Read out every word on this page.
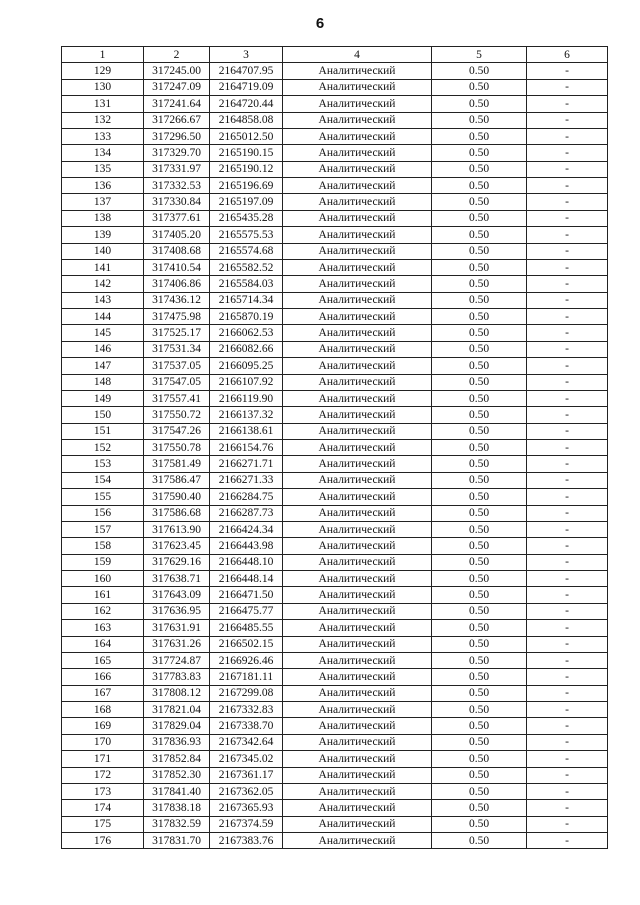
6
1	2	3	4	5	6
129	317245.00	2164707.95	Аналитический	0.50	-
130	317247.09	2164719.09	Аналитический	0.50	-
131	317241.64	2164720.44	Аналитический	0.50	-
132	317266.67	2164858.08	Аналитический	0.50	-
133	317296.50	2165012.50	Аналитический	0.50	-
134	317329.70	2165190.15	Аналитический	0.50	-
135	317331.97	2165190.12	Аналитический	0.50	-
136	317332.53	2165196.69	Аналитический	0.50	-
137	317330.84	2165197.09	Аналитический	0.50	-
138	317377.61	2165435.28	Аналитический	0.50	-
139	317405.20	2165575.53	Аналитический	0.50	-
140	317408.68	2165574.68	Аналитический	0.50	-
141	317410.54	2165582.52	Аналитический	0.50	-
142	317406.86	2165584.03	Аналитический	0.50	-
143	317436.12	2165714.34	Аналитический	0.50	-
144	317475.98	2165870.19	Аналитический	0.50	-
145	317525.17	2166062.53	Аналитический	0.50	-
146	317531.34	2166082.66	Аналитический	0.50	-
147	317537.05	2166095.25	Аналитический	0.50	-
148	317547.05	2166107.92	Аналитический	0.50	-
149	317557.41	2166119.90	Аналитический	0.50	-
150	317550.72	2166137.32	Аналитический	0.50	-
151	317547.26	2166138.61	Аналитический	0.50	-
152	317550.78	2166154.76	Аналитический	0.50	-
153	317581.49	2166271.71	Аналитический	0.50	-
154	317586.47	2166271.33	Аналитический	0.50	-
155	317590.40	2166284.75	Аналитический	0.50	-
156	317586.68	2166287.73	Аналитический	0.50	-
157	317613.90	2166424.34	Аналитический	0.50	-
158	317623.45	2166443.98	Аналитический	0.50	-
159	317629.16	2166448.10	Аналитический	0.50	-
160	317638.71	2166448.14	Аналитический	0.50	-
161	317643.09	2166471.50	Аналитический	0.50	-
162	317636.95	2166475.77	Аналитический	0.50	-
163	317631.91	2166485.55	Аналитический	0.50	-
164	317631.26	2166502.15	Аналитический	0.50	-
165	317724.87	2166926.46	Аналитический	0.50	-
166	317783.83	2167181.11	Аналитический	0.50	-
167	317808.12	2167299.08	Аналитический	0.50	-
168	317821.04	2167332.83	Аналитический	0.50	-
169	317829.04	2167338.70	Аналитический	0.50	-
170	317836.93	2167342.64	Аналитический	0.50	-
171	317852.84	2167345.02	Аналитический	0.50	-
172	317852.30	2167361.17	Аналитический	0.50	-
173	317841.40	2167362.05	Аналитический	0.50	-
174	317838.18	2167365.93	Аналитический	0.50	-
175	317832.59	2167374.59	Аналитический	0.50	-
176	317831.70	2167383.76	Аналитический	0.50	-
